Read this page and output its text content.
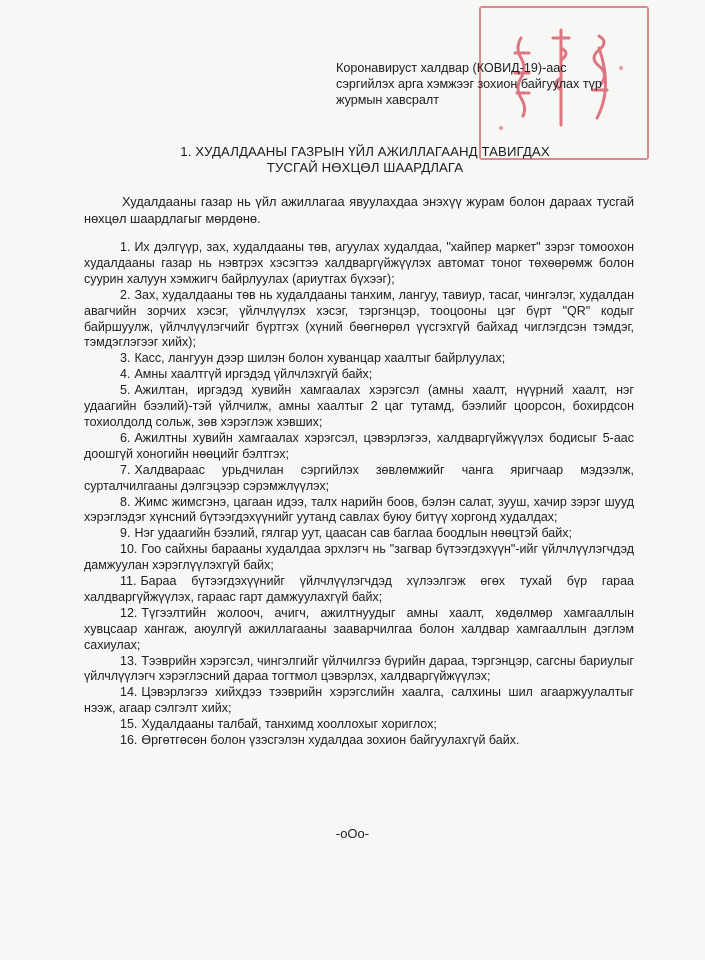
Коронавируст халдвар (КОВИД-19)-аас
сэргийлэх арга хэмжээг зохион байгуулах түр
журмын хавсралт
1. ХУДАЛДААНЫ ГАЗРЫН ҮЙЛ АЖИЛЛАГААНД ТАВИГДАХ
ТУСГАЙ НӨХЦӨЛ ШААРДЛАГА
Худалдааны газар нь үйл ажиллагаа явуулахдаа энэхүү журам болон дараах тусгай нөхцөл шаардлагыг мөрдөнө.

1. Их дэлгүүр, зах, худалдааны төв, агуулах худалдаа, "хайпер маркет" зэрэг томоохон худалдааны газар нь нэвтрэх хэсэгтээ халдваргүйжүүлэх автомат тоног төхөөрөмж болон суурин халуун хэмжигч байрлуулах (ариутгах бүхээг);

2. Зах, худалдааны төв нь худалдааны танхим, лангуу, тавиур, тасаг, чингэлэг, худалдан авагчийн зорчих хэсэг, үйлчлүүлэх хэсэг, тэргэнцэр, тооцооны цэг бүрт "QR" кодыг байршуулж, үйлчлүүлэгчийг бүртгэх (хүний бөөгнөрөл үүсгэхгүй байхад чиглэгдсэн тэмдэг, тэмдэглэгээг хийх);

3. Касс, лангуун дээр шилэн болон хуванцар хаалтыг байрлуулах;

4. Амны хаалтгүй иргэдэд үйлчлэхгүй байх;

5. Ажилтан, иргэдэд хувийн хамгаалах хэрэгсэл (амны хаалт, нүүрний хаалт, нэг удаагийн бээлий)-тэй үйлчилж, амны хаалтыг 2 цаг тутамд, бээлийг цоорсон, бохирдсон тохиолдолд сольж, зөв хэрэглэж хэвших;

6. Ажилтны хувийн хамгаалах хэрэгсэл, цэвэрлэгээ, халдваргүйжүүлэх бодисыг 5-аас доошгүй хоногийн нөөцийг бэлтгэх;

7. Халдвараас урьдчилан сэргийлэх зөвлөмжийг чанга яригчаар мэдээлж, сурталчилгааны дэлгэцээр сэрэмжлүүлэх;

8. Жимс жимсгэнэ, цагаан идээ, талх нарийн боов, бэлэн салат, зууш, хачир зэрэг шууд хэрэглэдэг хүнсний бүтээгдэхүүнийг уутанд савлах буюу битүү хоргонд худалдах;

9. Нэг удаагийн бээлий, гялгар уут, цаасан сав баглаа боодлын нөөцтэй байх;

10. Гоо сайхны барааны худалдаа эрхлэгч нь "загвар бүтээгдэхүүн"-ийг үйлчлүүлэгчдэд дамжуулан хэрэглүүлэхгүй байх;

11. Бараа бүтээгдэхүүнийг үйлчлүүлэгчдэд хүлээлгэж өгөх тухай бүр гараа халдваргүйжүүлэх, гараас гарт дамжуулахгүй байх;

12. Түгээлтийн жолооч, ачигч, ажилтнуудыг амны хаалт, хөдөлмөр хамгааллын хувцсаар хангаж, аюулгүй ажиллагааны зааварчилгаа болон халдвар хамгааллын дэглэм сахиулах;

13. Тээврийн хэрэгсэл, чингэлгийг үйлчилгээ бүрийн дараа, тэргэнцэр, сагсны бариулыг үйлчлүүлэгч хэрэглэсний дараа тогтмол цэвэрлэх, халдваргүйжүүлэх;

14. Цэвэрлэгээ хийхдээ тээврийн хэрэгслийн хаалга, салхины шил агааржуулалтыг нээж, агаар сэлгэлт хийх;

15. Худалдааны талбай, танхимд хооллохыг хориглох;

16. Өргөтгөсөн болон үзэсгэлэн худалдаа зохион байгуулахгүй байх.

-oOo-
